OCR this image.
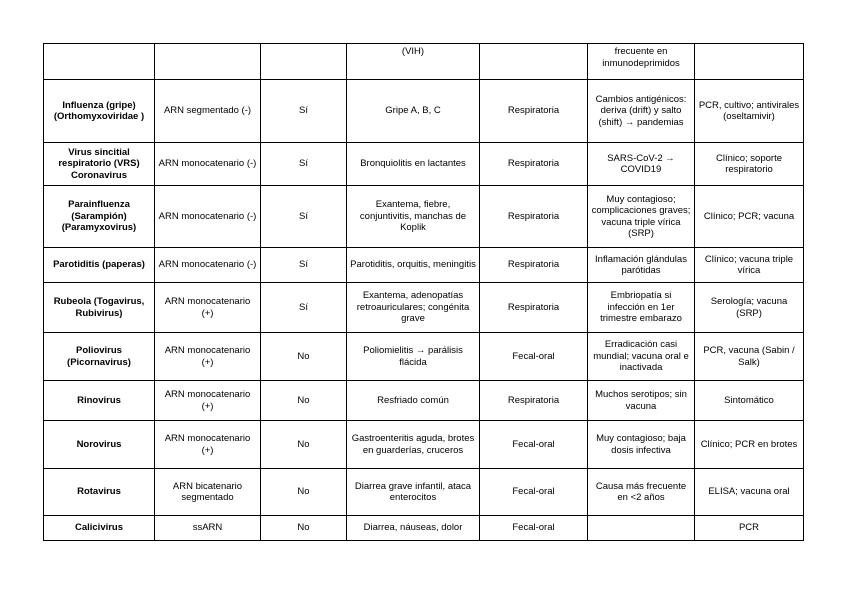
			(VIH)		frecuente en inmunodeprimidos	
Influenza (gripe) (Orthomyxoviridae )	ARN segmentado (-)	Sí	Gripe A, B, C	Respiratoria	Cambios antigénicos: deriva (drift) y salto (shift) → pandemias	PCR, cultivo; antivirales (oseltamivir)
Virus sincitial respiratorio (VRS) Coronavirus	ARN monocatenario (-)	Sí	Bronquiolitis en lactantes	Respiratoria	SARS-CoV-2 → COVID19	Clínico; soporte respiratorio
Parainfluenza (Sarampión) (Paramyxovirus)	ARN monocatenario (-)	Sí	Exantema, fiebre, conjuntivitis, manchas de Koplik	Respiratoria	Muy contagioso; complicaciones graves; vacuna triple vírica (SRP)	Clínico; PCR; vacuna
Parotiditis (paperas)	ARN monocatenario (-)	Sí	Parotiditis, orquitis, meningitis	Respiratoria	Inflamación glándulas parótidas	Clínico; vacuna triple vírica
Rubeola (Togavirus, Rubivirus)	ARN monocatenario (+)	Sí	Exantema, adenopatías retroauriculares; congénita grave	Respiratoria	Embriopatía si infección en 1er trimestre embarazo	Serología; vacuna (SRP)
Poliovirus (Picornavirus)	ARN monocatenario (+)	No	Poliomielitis → parálisis flácida	Fecal-oral	Erradicación casi mundial; vacuna oral e inactivada	PCR, vacuna (Sabin / Salk)
Rinovirus	ARN monocatenario (+)	No	Resfriado común	Respiratoria	Muchos serotipos; sin vacuna	Sintomático
Norovirus	ARN monocatenario (+)	No	Gastroenteritis aguda, brotes en guarderías, cruceros	Fecal-oral	Muy contagioso; baja dosis infectiva	Clínico; PCR en brotes
Rotavirus	ARN bicatenario segmentado	No	Diarrea grave infantil, ataca enterocitos	Fecal-oral	Causa más frecuente en <2 años	ELISA; vacuna oral
Calicivirus	ssARN	No	Diarrea, náuseas, dolor	Fecal-oral		PCR
